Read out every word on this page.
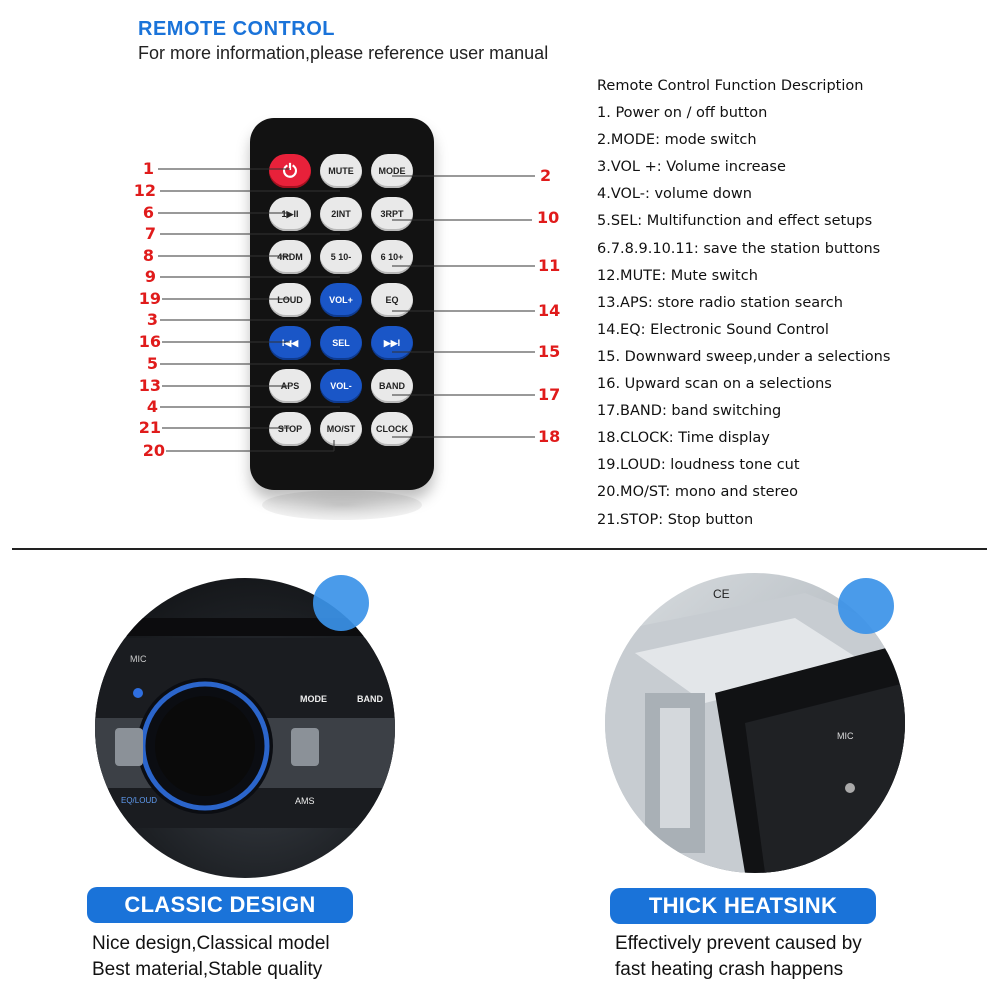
REMOTE CONTROL
For more information,please reference user manual
Remote Control Function Description
1. Power on / off button
2.MODE: mode switch
3.VOL +: Volume increase
4.VOL-: volume down
5.SEL: Multifunction and effect setups
6.7.8.9.10.11: save the station buttons
12.MUTE: Mute switch
13.APS: store radio station search
14.EQ: Electronic Sound Control
15. Downward sweep,under a selections
16. Upward scan on a selections
17.BAND: band switching
18.CLOCK: Time display
19.LOUD: loudness tone cut
20.MO/ST: mono and stereo
21.STOP: Stop button
⏻	MUTE	MODE
1▶II	2INT	3RPT
4RDM	5 10-	6 10+
LOUD	VOL+	EQ
I◀◀	SEL	▶▶I
APS	VOL-	BAND
STOP	MO/ST	CLOCK
1
12
6
7
8
9
19
3
16
5
13
4
21
20
2
10
11
14
15
17
18
MIC
MODE	BAND
AMS
EQ/LOUD
CE
MIC
CLASSIC DESIGN
Nice design,Classical model
Best material,Stable quality
THICK HEATSINK
Effectively prevent caused by
fast heating crash happens
